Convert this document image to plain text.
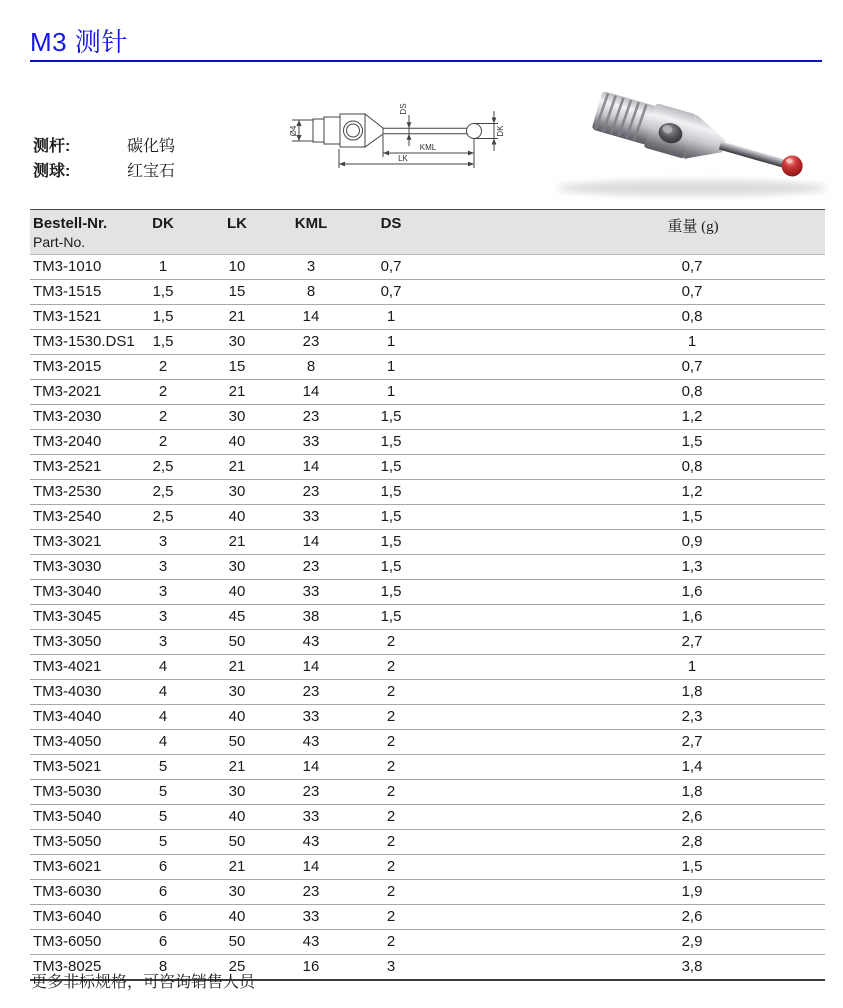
M3 测针
测杆:	碳化钨
测球:	红宝石
Ø4
DS
DK
KML
LK
Bestell-Nr.
Part-No.
DK	LK	KML	DS	重量 (g)
TM3-1010	1	10	3	0,7	0,7
TM3-1515	1,5	15	8	0,7	0,7
TM3-1521	1,5	21	14	1	0,8
TM3-1530.DS1	1,5	30	23	1	1
TM3-2015	2	15	8	1	0,7
TM3-2021	2	21	14	1	0,8
TM3-2030	2	30	23	1,5	1,2
TM3-2040	2	40	33	1,5	1,5
TM3-2521	2,5	21	14	1,5	0,8
TM3-2530	2,5	30	23	1,5	1,2
TM3-2540	2,5	40	33	1,5	1,5
TM3-3021	3	21	14	1,5	0,9
TM3-3030	3	30	23	1,5	1,3
TM3-3040	3	40	33	1,5	1,6
TM3-3045	3	45	38	1,5	1,6
TM3-3050	3	50	43	2	2,7
TM3-4021	4	21	14	2	1
TM3-4030	4	30	23	2	1,8
TM3-4040	4	40	33	2	2,3
TM3-4050	4	50	43	2	2,7
TM3-5021	5	21	14	2	1,4
TM3-5030	5	30	23	2	1,8
TM3-5040	5	40	33	2	2,6
TM3-5050	5	50	43	2	2,8
TM3-6021	6	21	14	2	1,5
TM3-6030	6	30	23	2	1,9
TM3-6040	6	40	33	2	2,6
TM3-6050	6	50	43	2	2,9
TM3-8025	8	25	16	3	3,8
更多非标规格，可咨询销售人员
